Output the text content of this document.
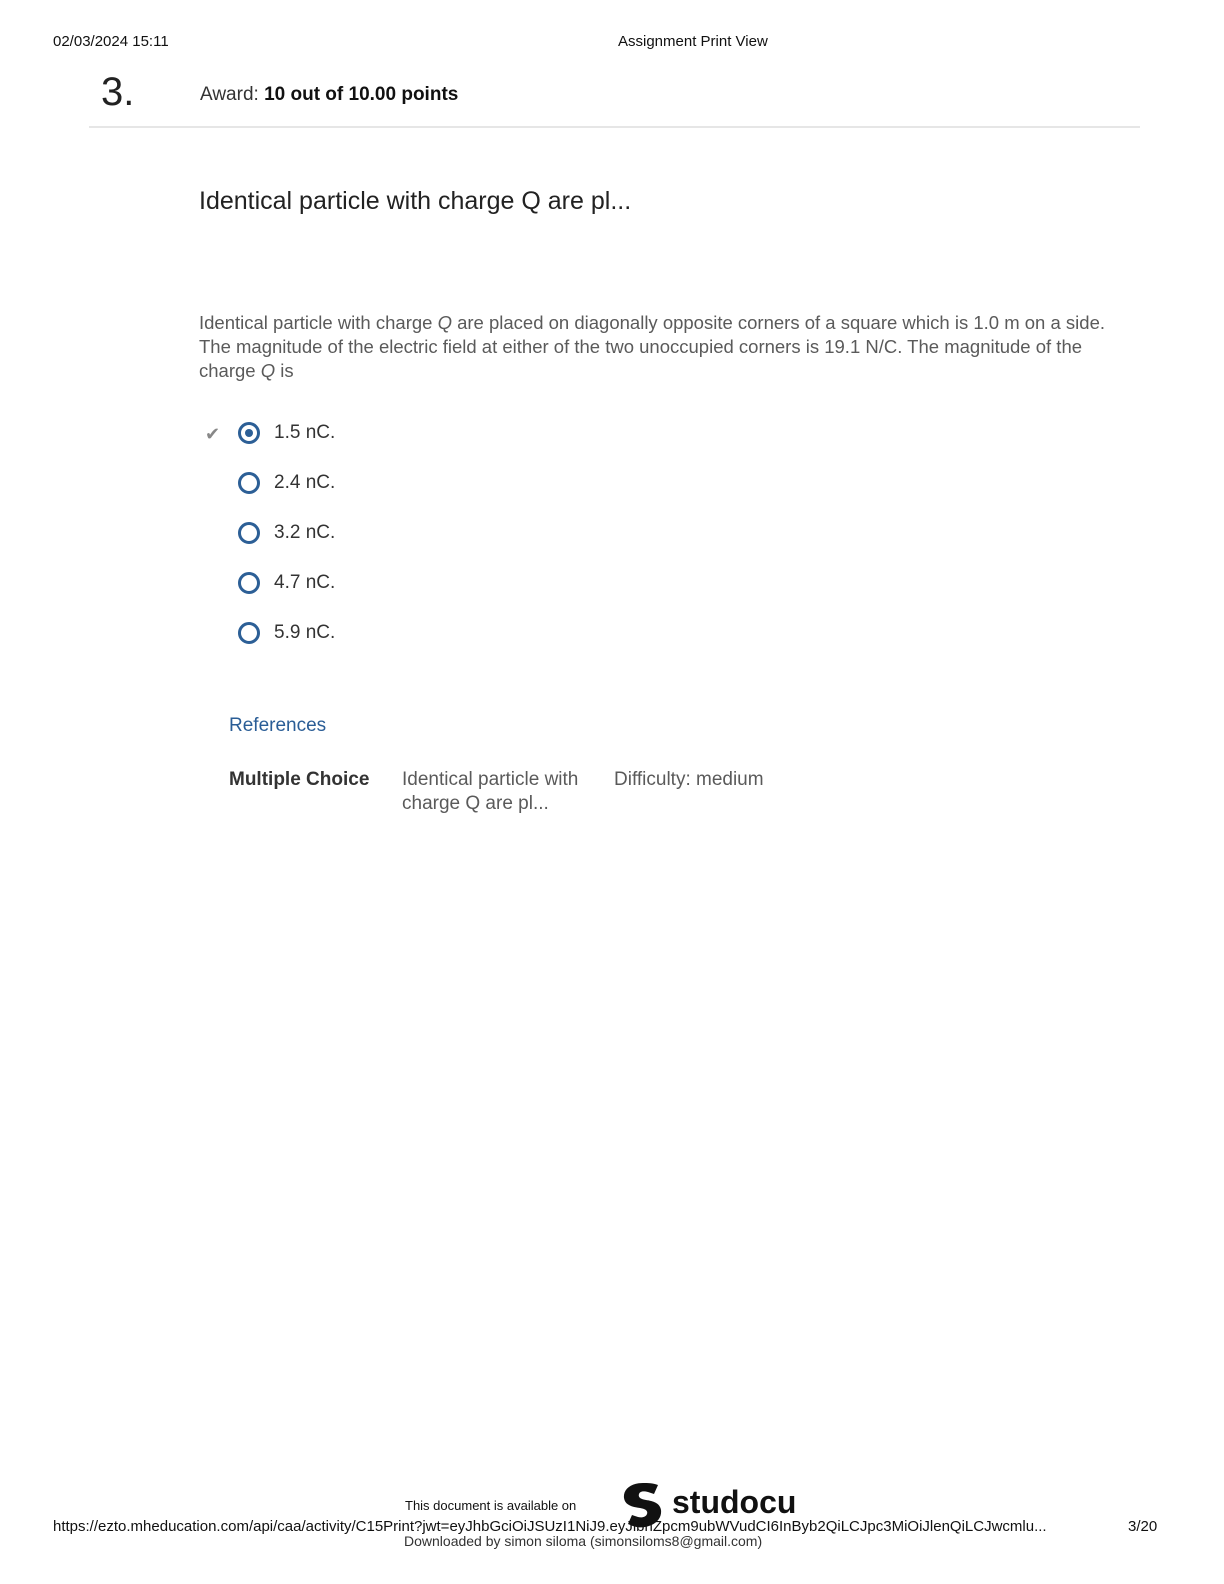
02/03/2024 15:11	Assignment Print View
3.	Award: 10 out of 10.00 points
Identical particle with charge Q are pl...
Identical particle with charge Q are placed on diagonally opposite corners of a square which is 1.0 m on a side. The magnitude of the electric field at either of the two unoccupied corners is 19.1 N/C. The magnitude of the charge Q is
✔	1.5 nC.
2.4 nC.
3.2 nC.
4.7 nC.
5.9 nC.
References
Multiple Choice Identical particle with charge Q are pl...
Difficulty: medium
This document is available on	studocu
https://ezto.mheducation.com/api/caa/activity/C15Print?jwt=eyJhbGciOiJSUzI1NiJ9.eyJlbnZpcm9ubWVudCI6InByb2QiLCJpc3MiOiJlenQiLCJwcmlu...	3/20
Downloaded by simon siloma (simonsiloms8@gmail.com)
